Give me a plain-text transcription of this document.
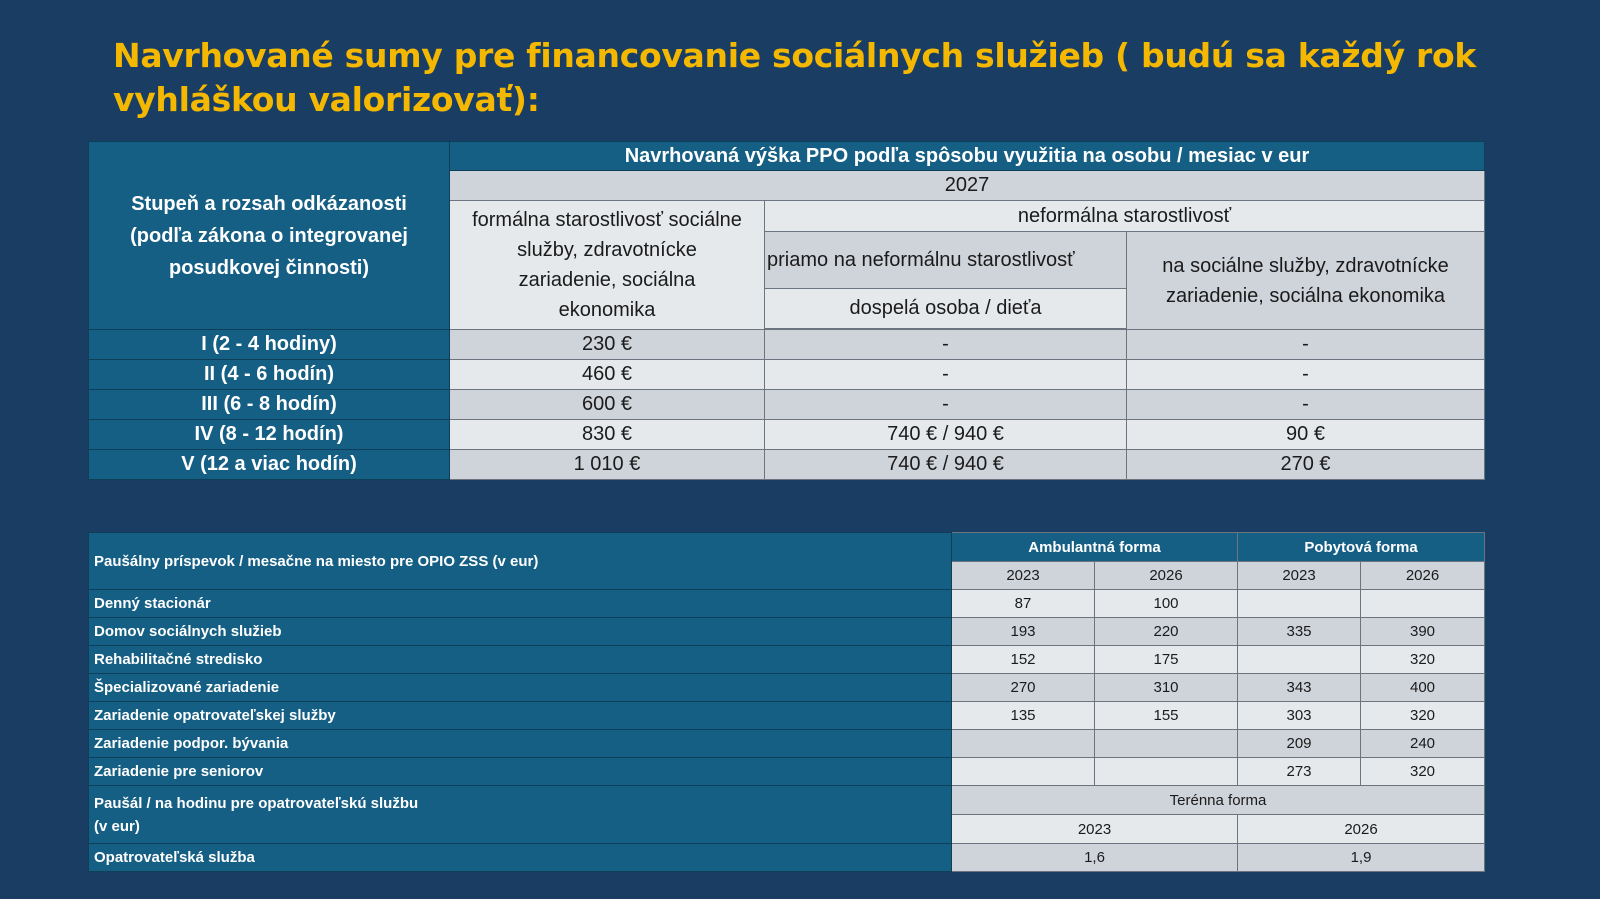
Navrhované sumy pre financovanie sociálnych služieb ( budú sa každý rok vyhláškou valorizovať):
Stupeň a rozsah odkázanosti (podľa zákona o integrovanej posudkovej činnosti)	Navrhovaná výška PPO podľa spôsobu využitia na osobu / mesiac v eur		
	2027		
	formálna starostlivosť sociálne služby, zdravotnícke zariadenie, sociálna ekonomika	neformálna starostlivosť	
		priamo na neformálnu starostlivosť	na sociálne služby, zdravotnícke zariadenie, sociálna ekonomika
		dospelá osoba / dieťa	

I (2 - 4 hodiny)	230 €	-	-
II (4 - 6 hodín)	460 €	-	-
III (6 - 8 hodín)	600 €	-	-
IV (8 - 12 hodín)	830 €	740 € / 940 €	90 €
V (12 a viac hodín)	1 010 €	740 € / 940 €	270 €
Paušálny príspevok / mesačne na miesto pre OPIO ZSS (v eur)	Ambulantná forma		Pobytová forma	
	2023	2026	2023	2026
Denný stacionár	87	100		
Domov sociálnych služieb	193	220	335	390
Rehabilitačné stredisko	152	175		320
Špecializované zariadenie	270	310	343	400
Zariadenie opatrovateľskej služby	135	155	303	320
Zariadenie podpor. bývania			209	240
Zariadenie pre seniorov			273	320
Paušál / na hodinu pre opatrovateľskú službu
(v eur)	Terénna forma			
	2023		2026	
Opatrovateľská služba	1,6		1,9	
